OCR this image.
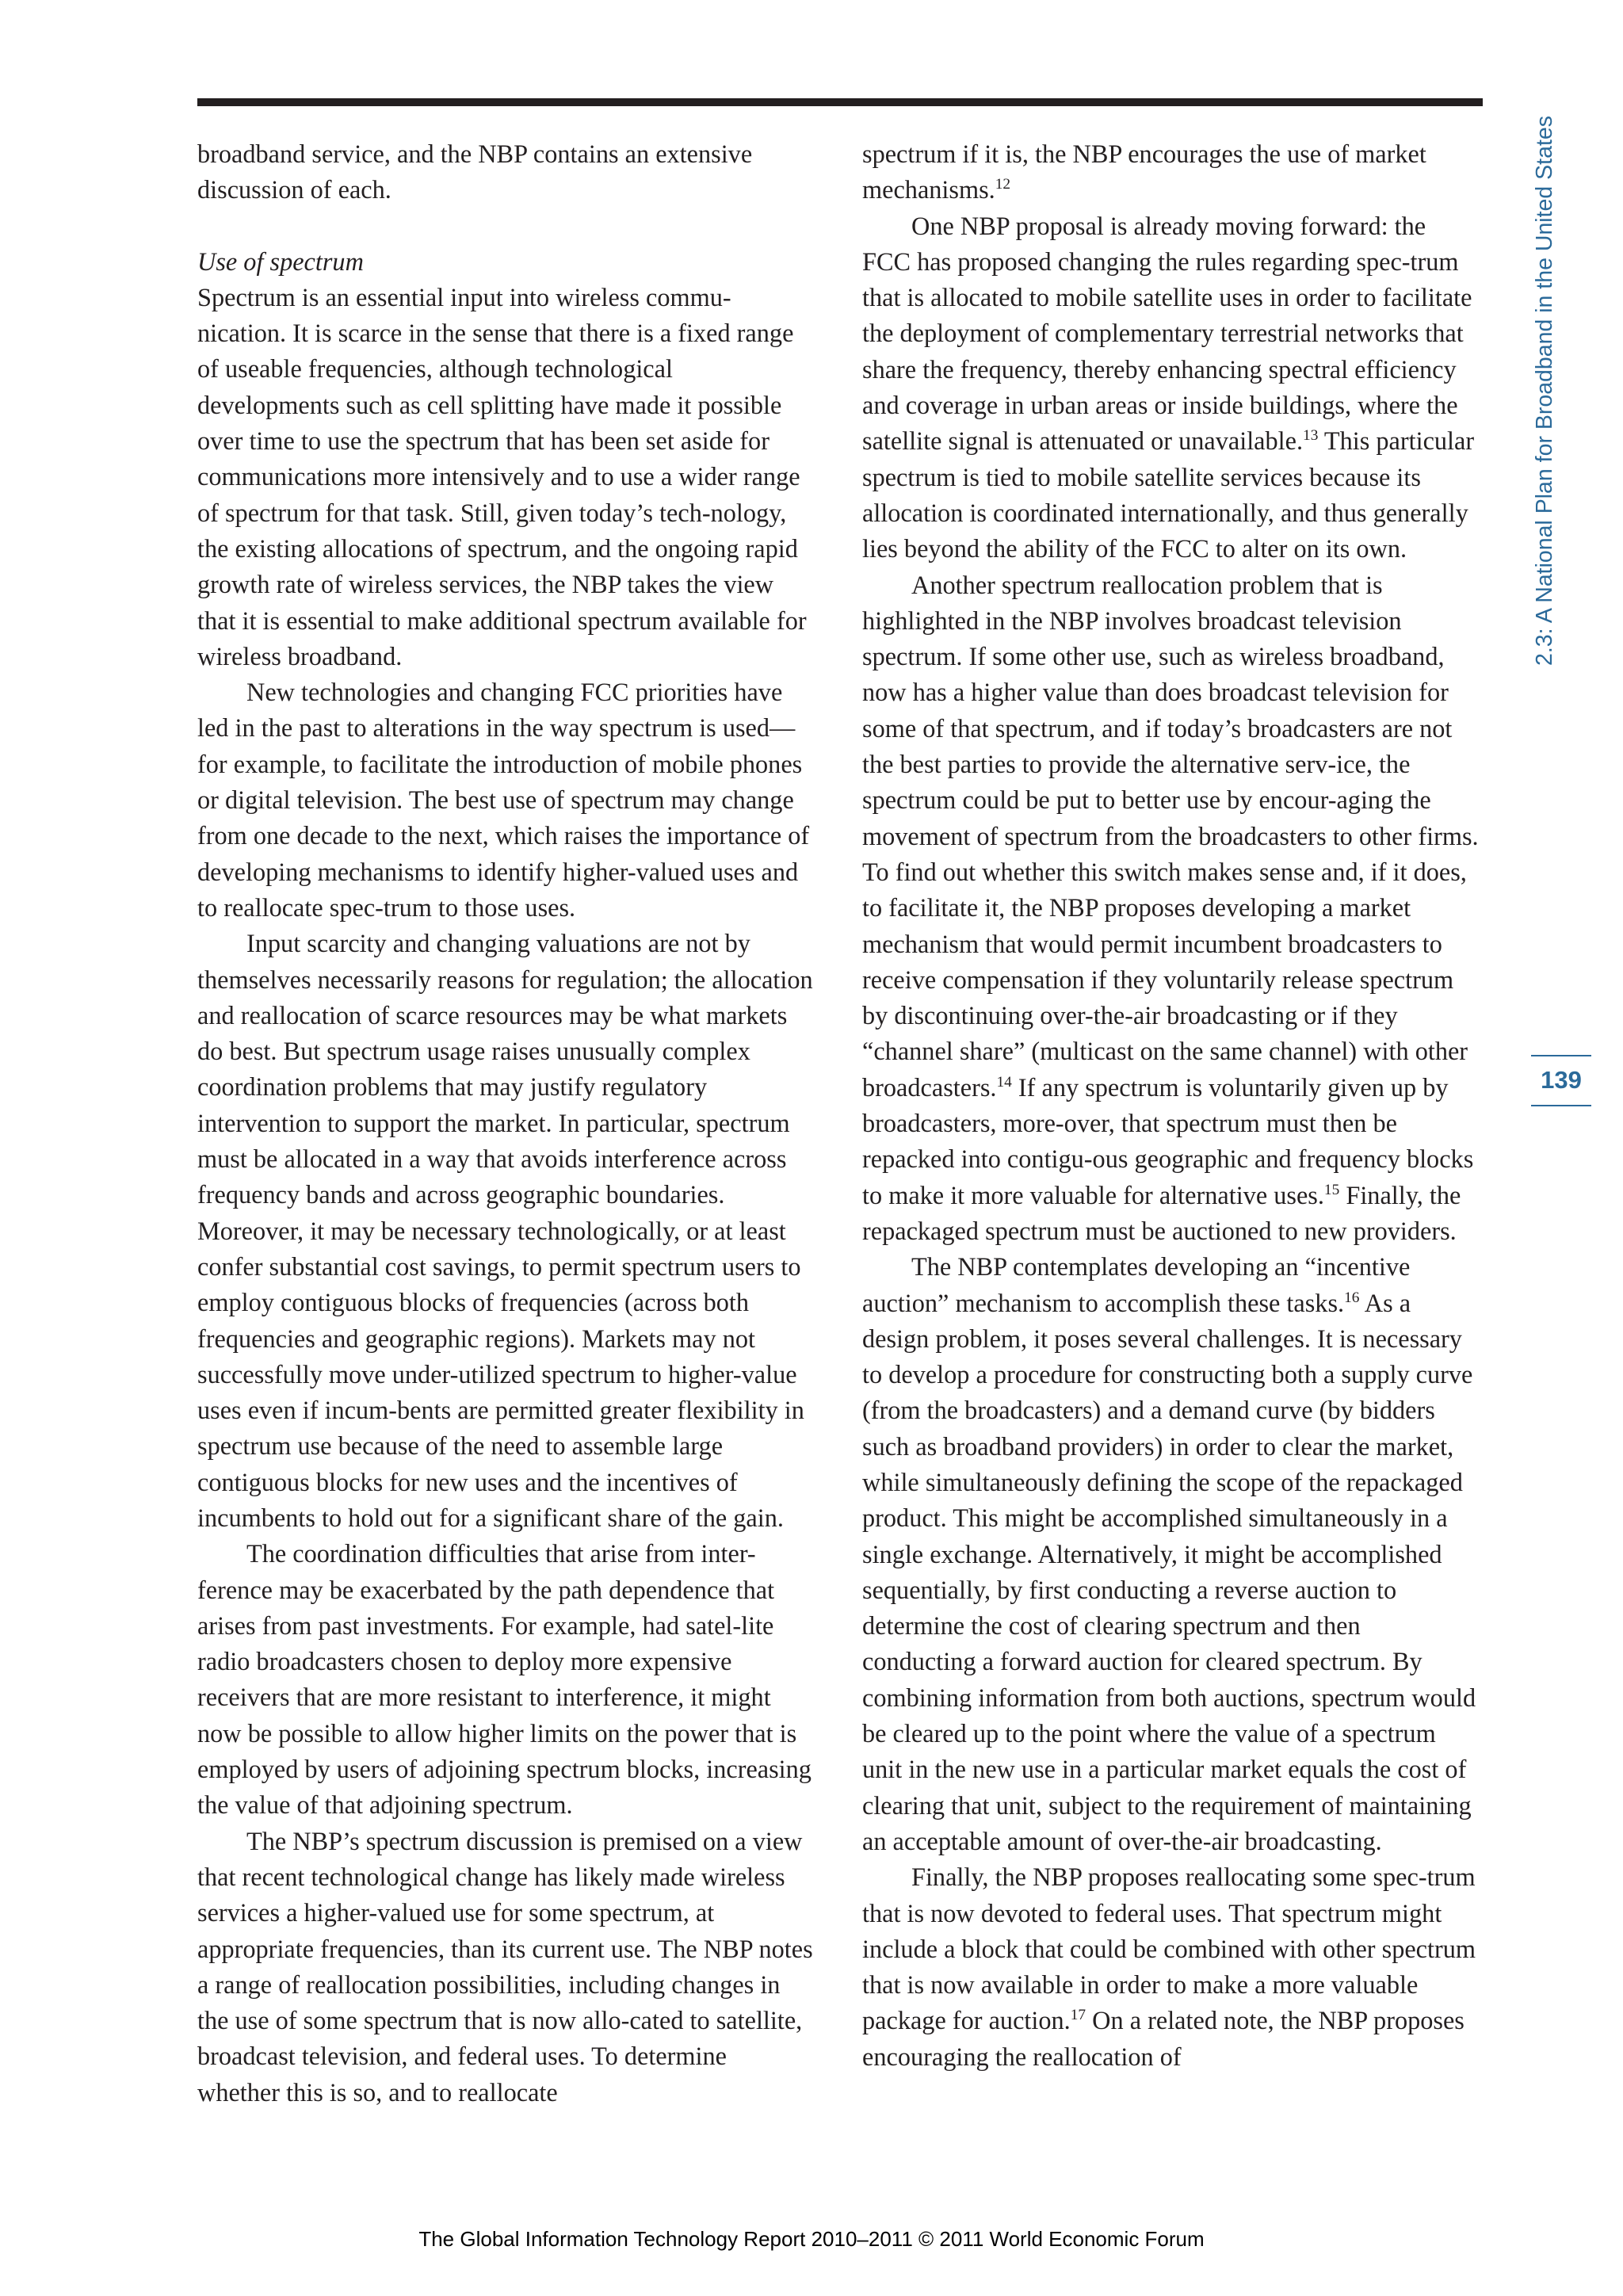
broadband service, and the NBP contains an extensive discussion of each.

Use of spectrum

Spectrum is an essential input into wireless commu-nication. It is scarce in the sense that there is a fixed range of useable frequencies, although technological developments such as cell splitting have made it possible over time to use the spectrum that has been set aside for communications more intensively and to use a wider range of spectrum for that task. Still, given today’s tech-nology, the existing allocations of spectrum, and the ongoing rapid growth rate of wireless services, the NBP takes the view that it is essential to make additional spectrum available for wireless broadband.

New technologies and changing FCC priorities have led in the past to alterations in the way spectrum is used—for example, to facilitate the introduction of mobile phones or digital television. The best use of spectrum may change from one decade to the next, which raises the importance of developing mechanisms to identify higher-valued uses and to reallocate spec-trum to those uses.

Input scarcity and changing valuations are not by themselves necessarily reasons for regulation; the allocation and reallocation of scarce resources may be what markets do best. But spectrum usage raises unusually complex coordination problems that may justify regulatory intervention to support the market. In particular, spectrum must be allocated in a way that avoids interference across frequency bands and across geographic boundaries. Moreover, it may be necessary technologically, or at least confer substantial cost savings, to permit spectrum users to employ contiguous blocks of frequencies (across both frequencies and geographic regions). Markets may not successfully move under-utilized spectrum to higher-value uses even if incum-bents are permitted greater flexibility in spectrum use because of the need to assemble large contiguous blocks for new uses and the incentives of incumbents to hold out for a significant share of the gain.

The coordination difficulties that arise from inter-ference may be exacerbated by the path dependence that arises from past investments. For example, had satel-lite radio broadcasters chosen to deploy more expensive receivers that are more resistant to interference, it might now be possible to allow higher limits on the power that is employed by users of adjoining spectrum blocks, increasing the value of that adjoining spectrum.

The NBP’s spectrum discussion is premised on a view that recent technological change has likely made wireless services a higher-valued use for some spectrum, at appropriate frequencies, than its current use. The NBP notes a range of reallocation possibilities, including changes in the use of some spectrum that is now allo-cated to satellite, broadcast television, and federal uses. To determine whether this is so, and to reallocate

spectrum if it is, the NBP encourages the use of market mechanisms.$^{12}$

One NBP proposal is already moving forward: the FCC has proposed changing the rules regarding spec-trum that is allocated to mobile satellite uses in order to facilitate the deployment of complementary terrestrial networks that share the frequency, thereby enhancing spectral efficiency and coverage in urban areas or inside buildings, where the satellite signal is attenuated or unavailable.$^{13}$ This particular spectrum is tied to mobile satellite services because its allocation is coordinated internationally, and thus generally lies beyond the ability of the FCC to alter on its own.

Another spectrum reallocation problem that is highlighted in the NBP involves broadcast television spectrum. If some other use, such as wireless broadband, now has a higher value than does broadcast television for some of that spectrum, and if today’s broadcasters are not the best parties to provide the alternative serv-ice, the spectrum could be put to better use by encour-aging the movement of spectrum from the broadcasters to other firms. To find out whether this switch makes sense and, if it does, to facilitate it, the NBP proposes developing a market mechanism that would permit incumbent broadcasters to receive compensation if they voluntarily release spectrum by discontinuing over-the-air broadcasting or if they “channel share” (multicast on the same channel) with other broadcasters.$^{14}$ If any spectrum is voluntarily given up by broadcasters, more-over, that spectrum must then be repacked into contigu-ous geographic and frequency blocks to make it more valuable for alternative uses.$^{15}$ Finally, the repackaged spectrum must be auctioned to new providers.

The NBP contemplates developing an “incentive auction” mechanism to accomplish these tasks.$^{16}$ As a design problem, it poses several challenges. It is necessary to develop a procedure for constructing both a supply curve (from the broadcasters) and a demand curve (by bidders such as broadband providers) in order to clear the market, while simultaneously defining the scope of the repackaged product. This might be accomplished simultaneously in a single exchange. Alternatively, it might be accomplished sequentially, by first conducting a reverse auction to determine the cost of clearing spectrum and then conducting a forward auction for cleared spectrum. By combining information from both auctions, spectrum would be cleared up to the point where the value of a spectrum unit in the new use in a particular market equals the cost of clearing that unit, subject to the requirement of maintaining an acceptable amount of over-the-air broadcasting.

Finally, the NBP proposes reallocating some spec-trum that is now devoted to federal uses. That spectrum might include a block that could be combined with other spectrum that is now available in order to make a more valuable package for auction.$^{17}$ On a related note, the NBP proposes encouraging the reallocation of

2.3: A National Plan for Broadband in the United States
139
The Global Information Technology Report 2010–2011 © 2011 World Economic Forum
